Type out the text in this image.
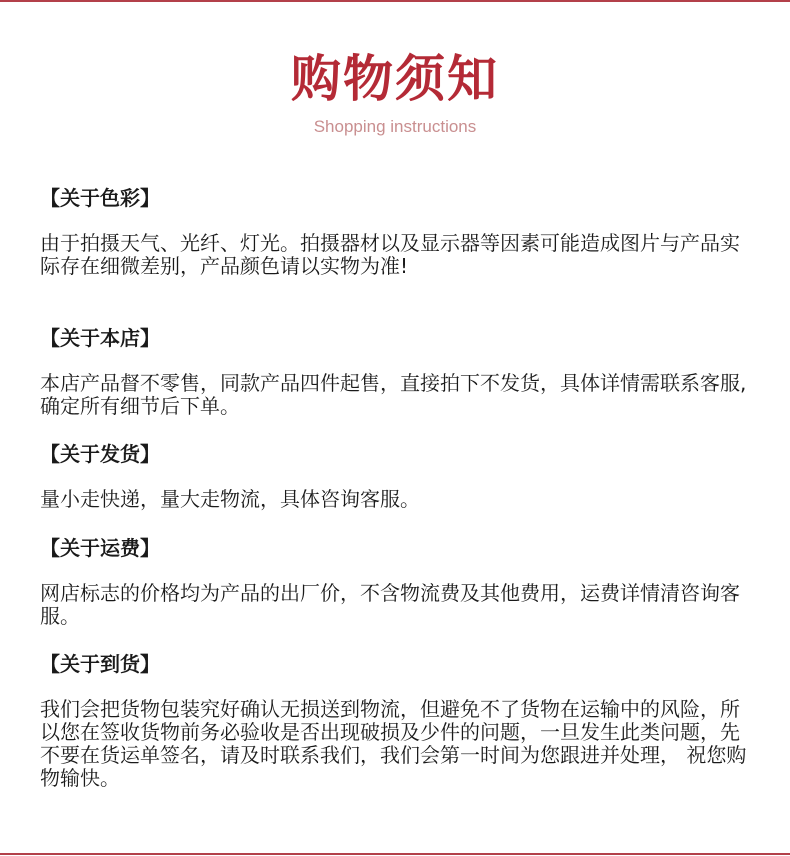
购物须知
Shopping instructions
【关于色彩】
由于拍摄天气、光纤、灯光。拍摄器材以及显示器等因素可能造成图片与产品实际存在细微差别，产品颜色请以实物为准!
【关于本店】
本店产品督不零售，同款产品四件起售，直接拍下不发货，具体详情需联系客服,确定所有细节后下单。
【关于发货】
量小走快递，量大走物流，具体咨询客服。
【关于运费】
网店标志的价格均为产品的出厂价，不含物流费及其他费用，运费详情清咨询客服。
【关于到货】
我们会把货物包装究好确认无损送到物流，但避免不了货物在运输中的风险，所以您在签收货物前务必验收是否出现破损及少件的问题，一旦发生此类问题，先不要在货运单签名，请及时联系我们，我们会第一时间为您跟进并处理， 祝您购物输快。
